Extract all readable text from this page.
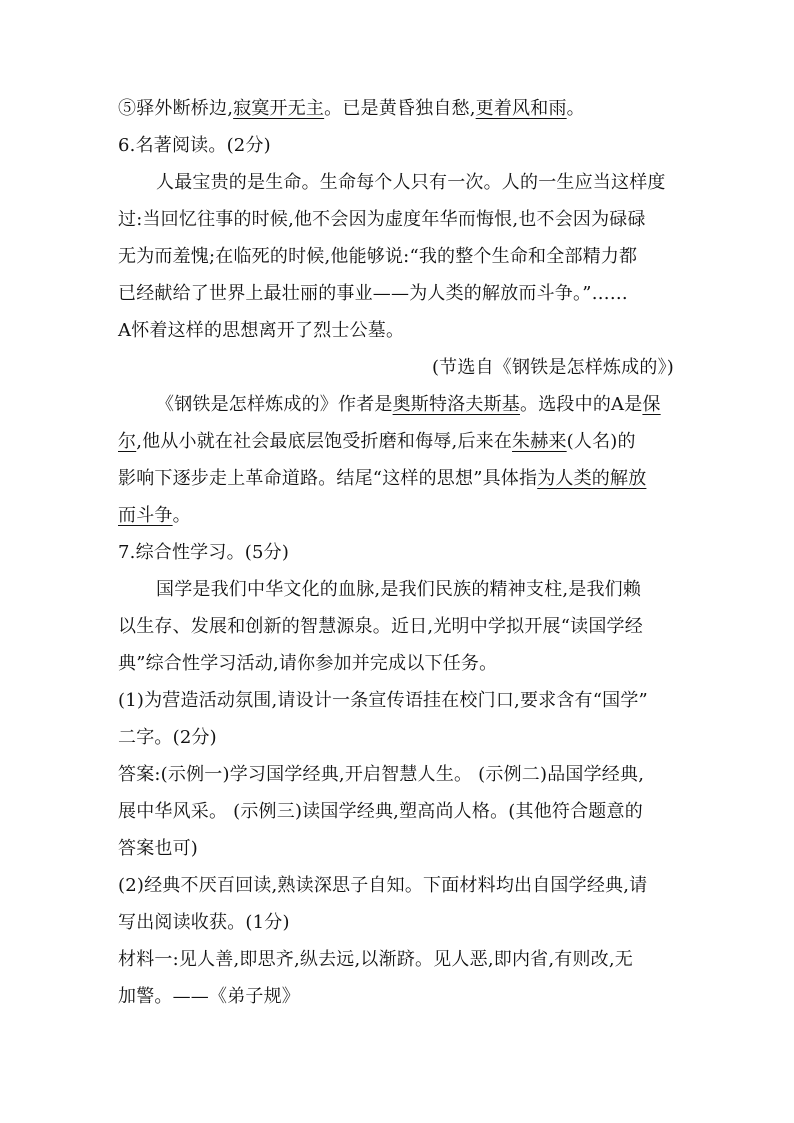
⑤驿外断桥边,寂寞开无主。已是黄昏独自愁,更着风和雨。
6.名著阅读。(2分)
人最宝贵的是生命。生命每个人只有一次。人的一生应当这样度
过:当回忆往事的时候,他不会因为虚度年华而悔恨,也不会因为碌碌
无为而羞愧;在临死的时候,他能够说:“我的整个生命和全部精力都
已经献给了世界上最壮丽的事业——为人类的解放而斗争。”……
A怀着这样的思想离开了烈士公墓。
(节选自《钢铁是怎样炼成的》)
《钢铁是怎样炼成的》作者是奥斯特洛夫斯基。选段中的A是保
尔,他从小就在社会最底层饱受折磨和侮辱,后来在朱赫来(人名)的
影响下逐步走上革命道路。结尾“这样的思想”具体指为人类的解放
而斗争。
7.综合性学习。(5分)
国学是我们中华文化的血脉,是我们民族的精神支柱,是我们赖
以生存、发展和创新的智慧源泉。近日,光明中学拟开展“读国学经
典”综合性学习活动,请你参加并完成以下任务。
(1)为营造活动氛围,请设计一条宣传语挂在校门口,要求含有“国学”
二字。(2分)
答案:(示例一)学习国学经典,开启智慧人生。 (示例二)品国学经典,
展中华风采。 (示例三)读国学经典,塑高尚人格。(其他符合题意的
答案也可)
(2)经典不厌百回读,熟读深思子自知。下面材料均出自国学经典,请
写出阅读收获。(1分)
材料一:见人善,即思齐,纵去远,以渐跻。见人恶,即内省,有则改,无
加警。——《弟子规》
